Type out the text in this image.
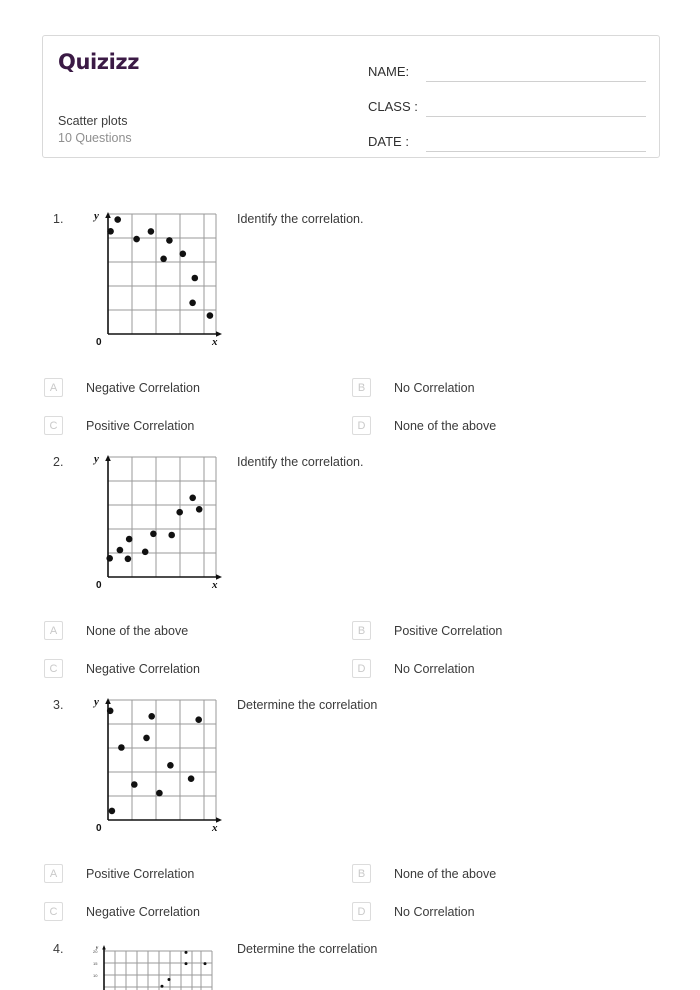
Quizizz
Scatter plots
10 Questions
NAME:
CLASS :
DATE :
1.	Identify the correlation.
y
x
0
A	Negative Correlation	B	No Correlation
C	Positive Correlation	D	None of the above
2.	Identify the correlation.
y
x
0
A	None of the above	B	Positive Correlation
C	Negative Correlation	D	No Correlation
3.	Determine the correlation
y
x
0
A	Positive Correlation	B	None of the above
C	Negative Correlation	D	No Correlation
4.	Determine the correlation
20
15
10
y
